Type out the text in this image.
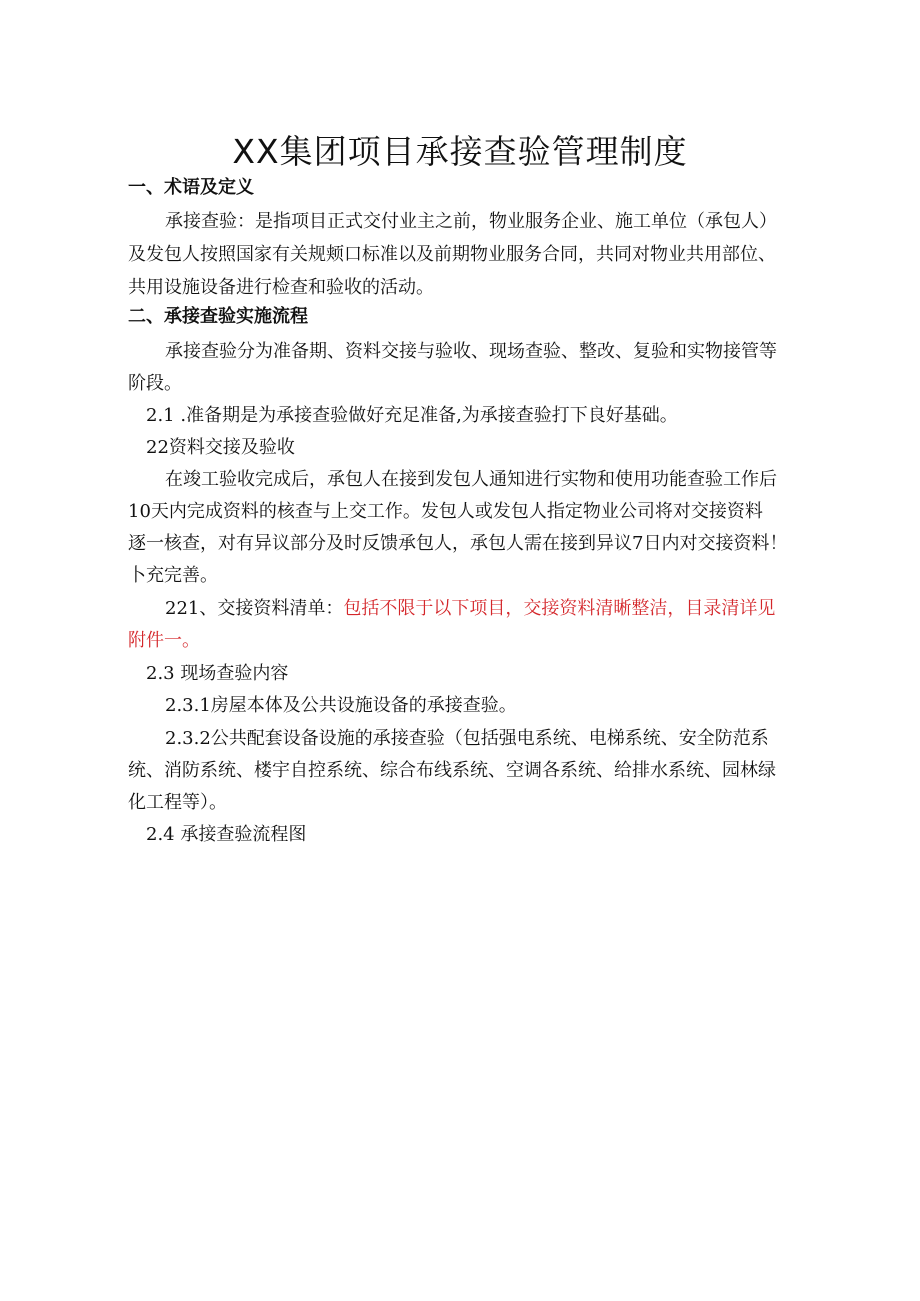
XX集团项目承接查验管理制度
一、术语及定义
承接查验：是指项目正式交付业主之前，物业服务企业、施工单位（承包人）
及发包人按照国家有关规颊口标准以及前期物业服务合同，共同对物业共用部位、
共用设施设备进行检查和验收的活动。
二、承接查验实施流程
承接查验分为准备期、资料交接与验收、现场查验、整改、复验和实物接管等
阶段。
2.1 .准备期是为承接查验做好充足准备,为承接查验打下良好基础。
22资料交接及验收
在竣工验收完成后，承包人在接到发包人通知进行实物和使用功能查验工作后
10天内完成资料的核查与上交工作。发包人或发包人指定物业公司将对交接资料
逐一核查，对有异议部分及时反馈承包人，承包人需在接到异议7日内对交接资料！
卜充完善。
221、交接资料清单：包括不限于以下项目，交接资料清晰整洁，目录清详见
附件一。
2.3 现场查验内容
2.3.1房屋本体及公共设施设备的承接查验。
2.3.2公共配套设备设施的承接查验（包括强电系统、电梯系统、安全防范系
统、消防系统、楼宇自控系统、综合布线系统、空调各系统、给排水系统、园林绿
化工程等）。
2.4 承接查验流程图
